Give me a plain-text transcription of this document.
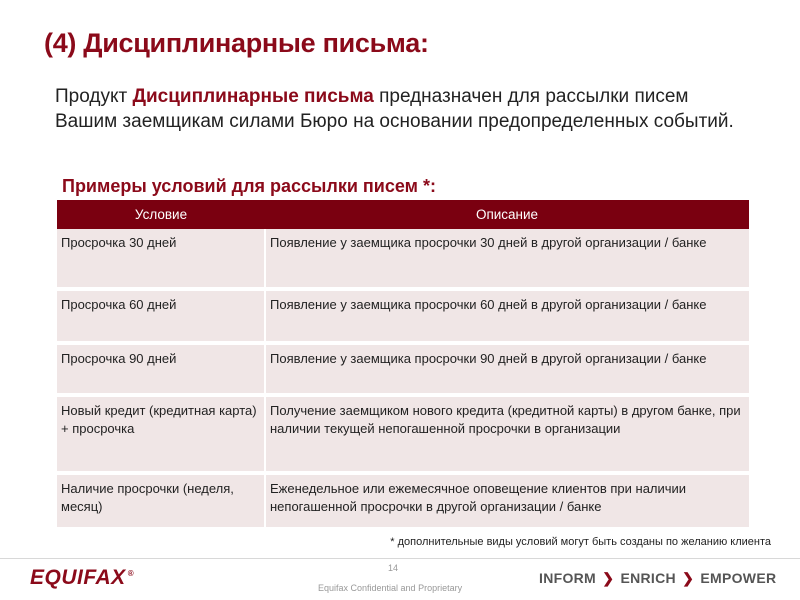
(4) Дисциплинарные письма:
Продукт Дисциплинарные письма предназначен для рассылки писем Вашим заемщикам силами Бюро на основании предопределенных событий.
Примеры условий для рассылки писем *:
Условие	Описание
Просрочка 30 дней	Появление у заемщика просрочки 30 дней в другой организации / банке
Просрочка 60 дней	Появление у заемщика просрочки 60 дней в другой организации / банке
Просрочка 90 дней	Появление у заемщика просрочки 90 дней в другой организации / банке
Новый кредит (кредитная карта) + просрочка	Получение заемщиком нового кредита (кредитной карты) в другом банке, при наличии текущей непогашенной просрочки в организации
Наличие просрочки (неделя, месяц)	Еженедельное или ежемесячное оповещение клиентов при наличии непогашенной просрочки в другой организации / банке
* дополнительные виды условий могут быть созданы по желанию клиента
14
EQUIFAX ®
Equifax Confidential and Proprietary
INFORM ❯ ENRICH ❯ EMPOWER
